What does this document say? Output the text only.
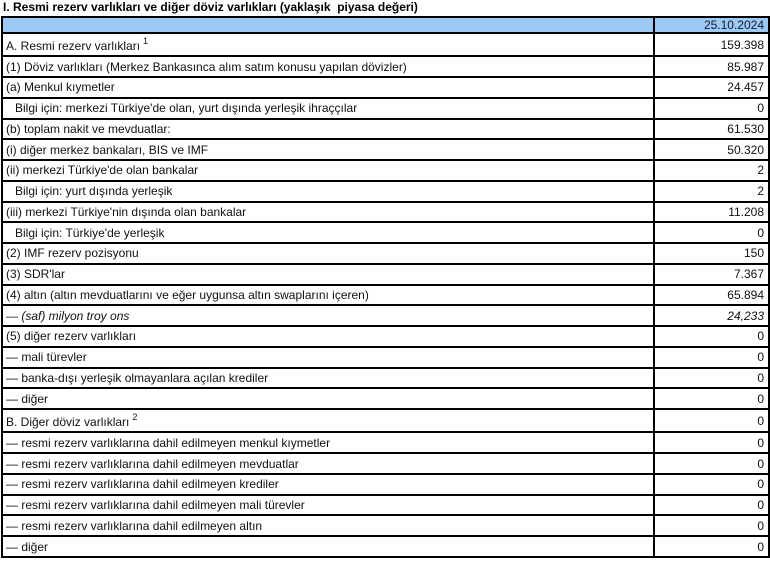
I. Resmi rezerv varlıkları ve diğer döviz varlıkları (yaklaşık  piyasa değeri)
	25.10.2024
A. Resmi rezerv varlıkları $^1$	159.398
(1) Döviz varlıkları (Merkez Bankasınca alım satım konusu yapılan dövizler)	85.987
(a) Menkul kıymetler	24.457
Bilgi için: merkezi Türkiye'de olan, yurt dışında yerleşik ihraççılar	0
(b) toplam nakit ve mevduatlar:	61.530
(i) diğer merkez bankaları, BIS ve IMF	50.320
(ii) merkezi Türkiye'de olan bankalar	2
Bilgi için: yurt dışında yerleşik	2
(iii) merkezi Türkiye'nin dışında olan bankalar	11.208
Bilgi için: Türkiye'de yerleşik	0
(2) IMF rezerv pozisyonu	150
(3) SDR'lar	7.367
(4) altın (altın mevduatlarını ve eğer uygunsa altın swaplarını içeren)	65.894
— (saf) milyon troy ons	24,233
(5) diğer rezerv varlıkları	0
— mali türevler	0
— banka-dışı yerleşik olmayanlara açılan krediler	0
— diğer	0
B. Diğer döviz varlıkları $^2$	0
— resmi rezerv varlıklarına dahil edilmeyen menkul kıymetler	0
— resmi rezerv varlıklarına dahil edilmeyen mevduatlar	0
— resmi rezerv varlıklarına dahil edilmeyen krediler	0
— resmi rezerv varlıklarına dahil edilmeyen mali türevler	0
— resmi rezerv varlıklarına dahil edilmeyen altın	0
— diğer	0
